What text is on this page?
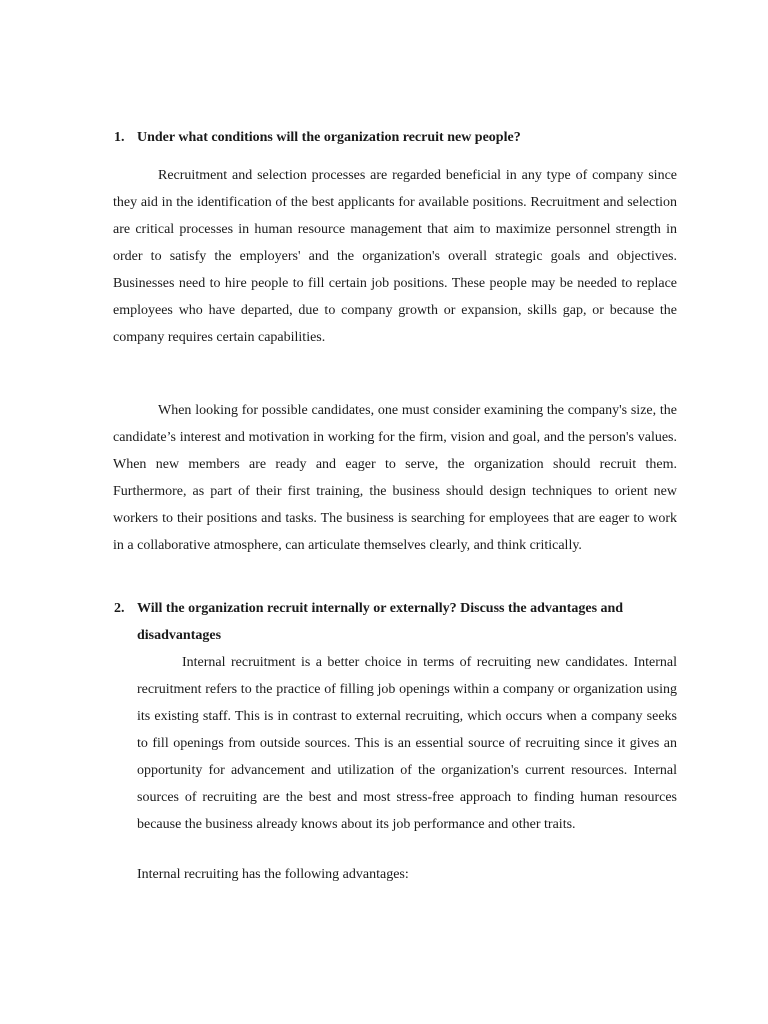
1. Under what conditions will the organization recruit new people?

Recruitment and selection processes are regarded beneficial in any type of company since they aid in the identification of the best applicants for available positions. Recruitment and selection are critical processes in human resource management that aim to maximize personnel strength in order to satisfy the employers' and the organization's overall strategic goals and objectives. Businesses need to hire people to fill certain job positions. These people may be needed to replace employees who have departed, due to company growth or expansion, skills gap, or because the company requires certain capabilities.

When looking for possible candidates, one must consider examining the company's size, the candidate’s interest and motivation in working for the firm, vision and goal, and the person's values. When new members are ready and eager to serve, the organization should recruit them. Furthermore, as part of their first training, the business should design techniques to orient new workers to their positions and tasks. The business is searching for employees that are eager to work in a collaborative atmosphere, can articulate themselves clearly, and think critically.

2. Will the organization recruit internally or externally? Discuss the advantages and disadvantages

Internal recruitment is a better choice in terms of recruiting new candidates. Internal recruitment refers to the practice of filling job openings within a company or organization using its existing staff. This is in contrast to external recruiting, which occurs when a company seeks to fill openings from outside sources. This is an essential source of recruiting since it gives an opportunity for advancement and utilization of the organization's current resources. Internal sources of recruiting are the best and most stress-free approach to finding human resources because the business already knows about its job performance and other traits.

Internal recruiting has the following advantages:
